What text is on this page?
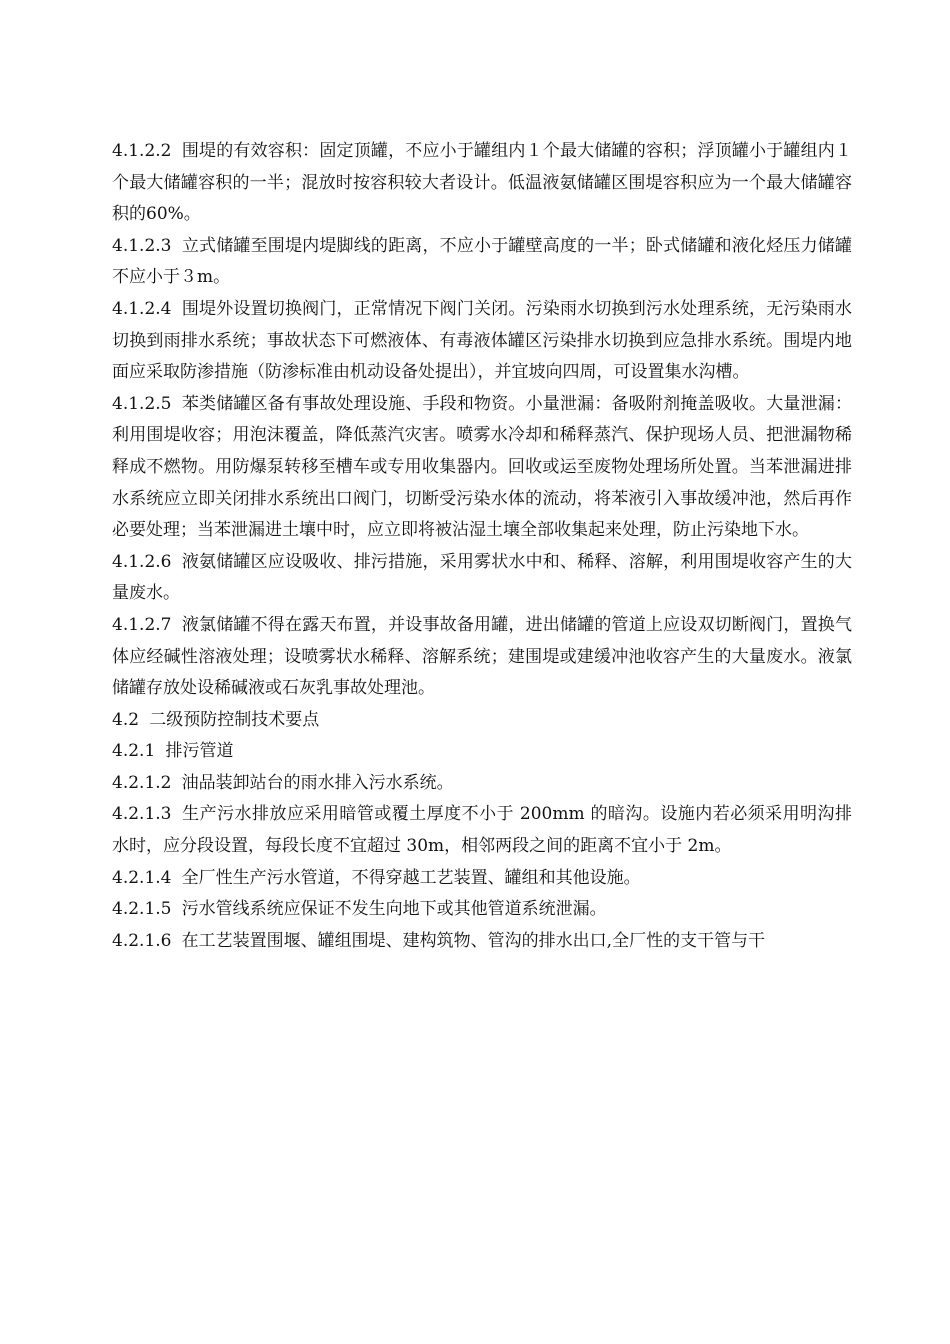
4.1.2.2 围堤的有效容积：固定顶罐，不应小于罐组内１个最大储罐的容积；浮顶罐小于罐组内１个最大储罐容积的一半；混放时按容积较大者设计。低温液氨储罐区围堤容积应为一个最大储罐容积的60%。

4.1.2.3 立式储罐至围堤内堤脚线的距离，不应小于罐壁高度的一半；卧式储罐和液化烃压力储罐不应小于３m。

4.1.2.4 围堤外设置切换阀门，正常情况下阀门关闭。污染雨水切换到污水处理系统，无污染雨水切换到雨排水系统；事故状态下可燃液体、有毒液体罐区污染排水切换到应急排水系统。围堤内地面应采取防渗措施（防渗标准由机动设备处提出），并宜坡向四周，可设置集水沟槽。

4.1.2.5 苯类储罐区备有事故处理设施、手段和物资。小量泄漏：备吸附剂掩盖吸收。大量泄漏：利用围堤收容；用泡沫覆盖，降低蒸汽灾害。喷雾水冷却和稀释蒸汽、保护现场人员、把泄漏物稀释成不燃物。用防爆泵转移至槽车或专用收集器内。回收或运至废物处理场所处置。当苯泄漏进排水系统应立即关闭排水系统出口阀门，切断受污染水体的流动，将苯液引入事故缓冲池，然后再作必要处理；当苯泄漏进土壤中时，应立即将被沾湿土壤全部收集起来处理，防止污染地下水。

4.1.2.6 液氨储罐区应设吸收、排污措施，采用雾状水中和、稀释、溶解，利用围堤收容产生的大量废水。

4.1.2.7 液氯储罐不得在露天布置，并设事故备用罐，进出储罐的管道上应设双切断阀门，置换气体应经碱性溶液处理；设喷雾状水稀释、溶解系统；建围堤或建缓冲池收容产生的大量废水。液氯储罐存放处设稀碱液或石灰乳事故处理池。

4.2 二级预防控制技术要点

4.2.1 排污管道

4.2.1.2 油品装卸站台的雨水排入污水系统。

4.2.1.3 生产污水排放应采用暗管或覆土厚度不小于 200mm 的暗沟。设施内若必须采用明沟排水时，应分段设置，每段长度不宜超过 30m，相邻两段之间的距离不宜小于 2m。

4.2.1.4 全厂性生产污水管道，不得穿越工艺装置、罐组和其他设施。

4.2.1.5 污水管线系统应保证不发生向地下或其他管道系统泄漏。

4.2.1.6 在工艺装置围堰、罐组围堤、建构筑物、管沟的排水出口,全厂性的支干管与干
